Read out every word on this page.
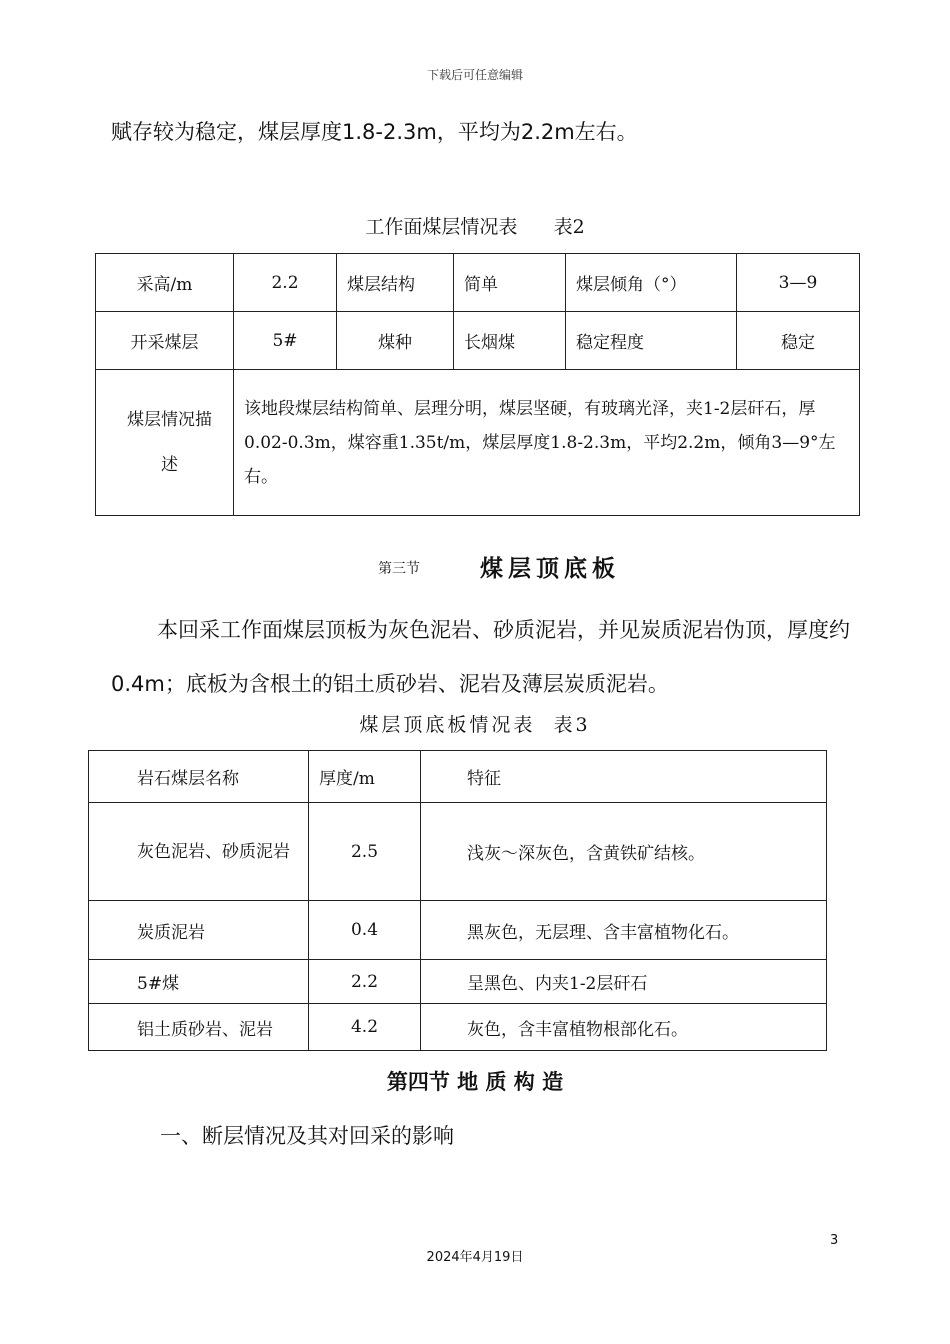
下载后可任意编辑
赋存较为稳定，煤层厚度1.8-2.3m，平均为2.2m左右。
工作面煤层情况表      表2
采高/m	2.2	煤层结构	简单	煤层倾角（°）	3—9
开采煤层	5#	煤种	长烟煤	稳定程度	稳定
煤层情况描述	该地段煤层结构简单、层理分明，煤层坚硬，有玻璃光泽，夹1-2层矸石，厚0.02-0.3m，煤容重1.35t/m，煤层厚度1.8-2.3m，平均2.2m，倾角3—9°左右。				
第三节	煤层顶底板
本回采工作面煤层顶板为灰色泥岩、砂质泥岩，并见炭质泥岩伪顶，厚度约0.4m；底板为含根土的铝土质砂岩、泥岩及薄层炭质泥岩。
煤层顶底板情况表  表3
岩石煤层名称	厚度/m	特征
灰色泥岩、砂质泥岩	2.5	浅灰～深灰色，含黄铁矿结核。
炭质泥岩	0.4	黑灰色，无层理、含丰富植物化石。
5#煤	2.2	呈黑色、内夹1-2层矸石
铝土质砂岩、泥岩	4.2	灰色，含丰富植物根部化石。
第四节 地 质 构 造
一、断层情况及其对回采的影响
3
2024年4月19日
